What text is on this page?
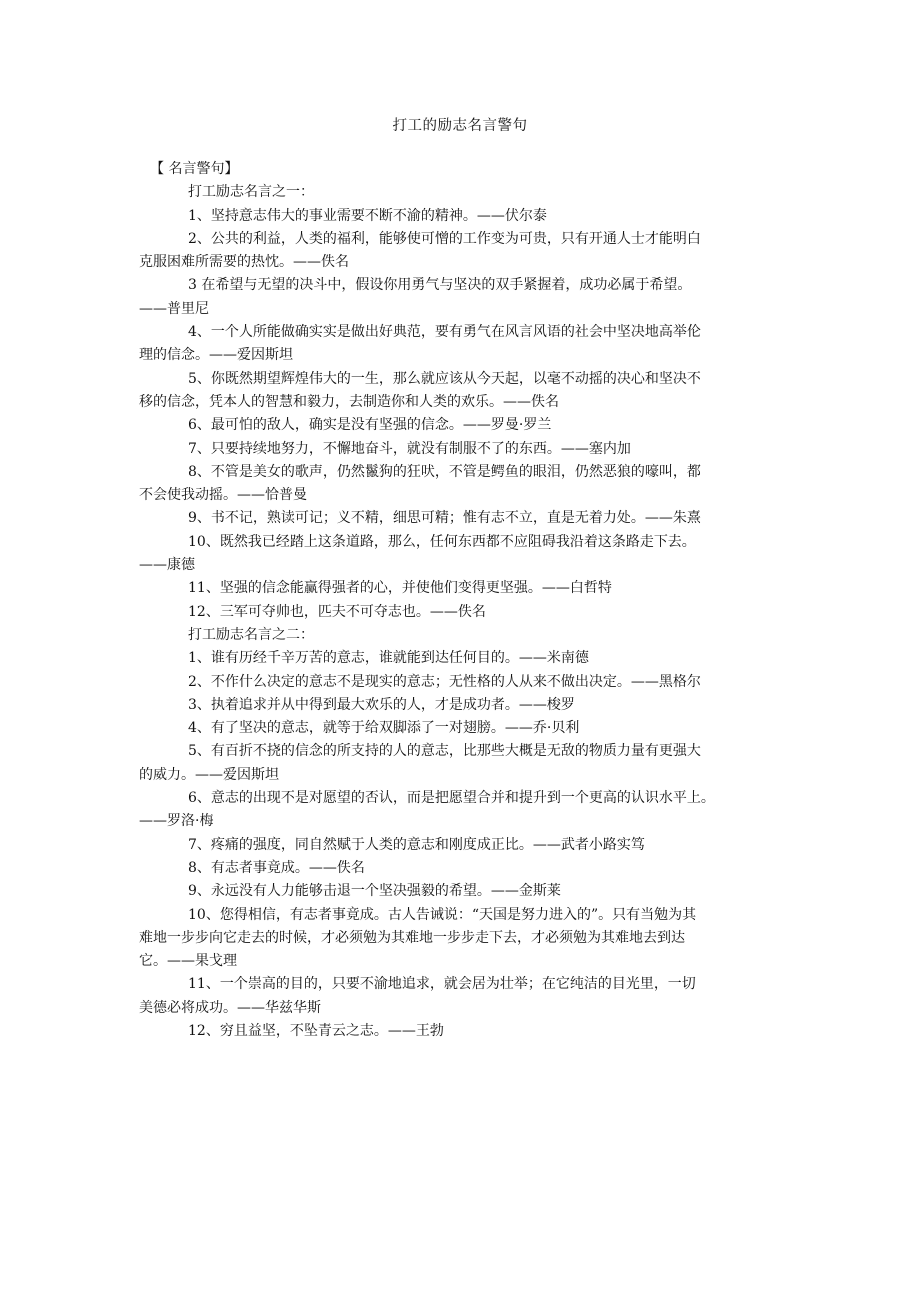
打工的励志名言警句
【 名言警句】
打工励志名言之一：
1、坚持意志伟大的事业需要不断不渝的精神。——伏尔泰
2、公共的利益，人类的福利，能够使可憎的工作变为可贵，只有开通人士才能明白
克服困难所需要的热忱。——佚名
3 在希望与无望的决斗中，假设你用勇气与坚决的双手紧握着，成功必属于希望。
——普里尼
4、一个人所能做确实实是做出好典范，要有勇气在风言风语的社会中坚决地高举伦
理的信念。——爱因斯坦
5、你既然期望辉煌伟大的一生，那么就应该从今天起，以毫不动摇的决心和坚决不
移的信念，凭本人的智慧和毅力，去制造你和人类的欢乐。——佚名
6、最可怕的敌人，确实是没有坚强的信念。——罗曼·罗兰
7、只要持续地努力，不懈地奋斗，就没有制服不了的东西。——塞内加
8、不管是美女的歌声，仍然鬣狗的狂吠，不管是鳄鱼的眼泪，仍然恶狼的嚎叫，都
不会使我动摇。——恰普曼
9、书不记，熟读可记；义不精，细思可精；惟有志不立，直是无着力处。——朱熹
10、既然我已经踏上这条道路，那么，任何东西都不应阻碍我沿着这条路走下去。
——康德
11、坚强的信念能赢得强者的心，并使他们变得更坚强。——白哲特
12、三军可夺帅也，匹夫不可夺志也。——佚名
打工励志名言之二：
1、谁有历经千辛万苦的意志，谁就能到达任何目的。——米南德
2、不作什么决定的意志不是现实的意志；无性格的人从来不做出决定。——黑格尔
3、执着追求并从中得到最大欢乐的人，才是成功者。——梭罗
4、有了坚决的意志，就等于给双脚添了一对翅膀。——乔·贝利
5、有百折不挠的信念的所支持的人的意志，比那些大概是无敌的物质力量有更强大
的威力。——爱因斯坦
6、意志的出现不是对愿望的否认，而是把愿望合并和提升到一个更高的认识水平上。
——罗洛·梅
7、疼痛的强度，同自然赋于人类的意志和刚度成正比。——武者小路实笃
8、有志者事竟成。——佚名
9、永远没有人力能够击退一个坚决强毅的希望。——金斯莱
10、您得相信，有志者事竟成。古人告诫说：“天国是努力进入的”。只有当勉为其
难地一步步向它走去的时候，才必须勉为其难地一步步走下去，才必须勉为其难地去到达
它。——果戈理
11、一个崇高的目的，只要不渝地追求，就会居为壮举；在它纯洁的目光里，一切
美德必将成功。——华兹华斯
12、穷且益坚，不坠青云之志。——王勃
